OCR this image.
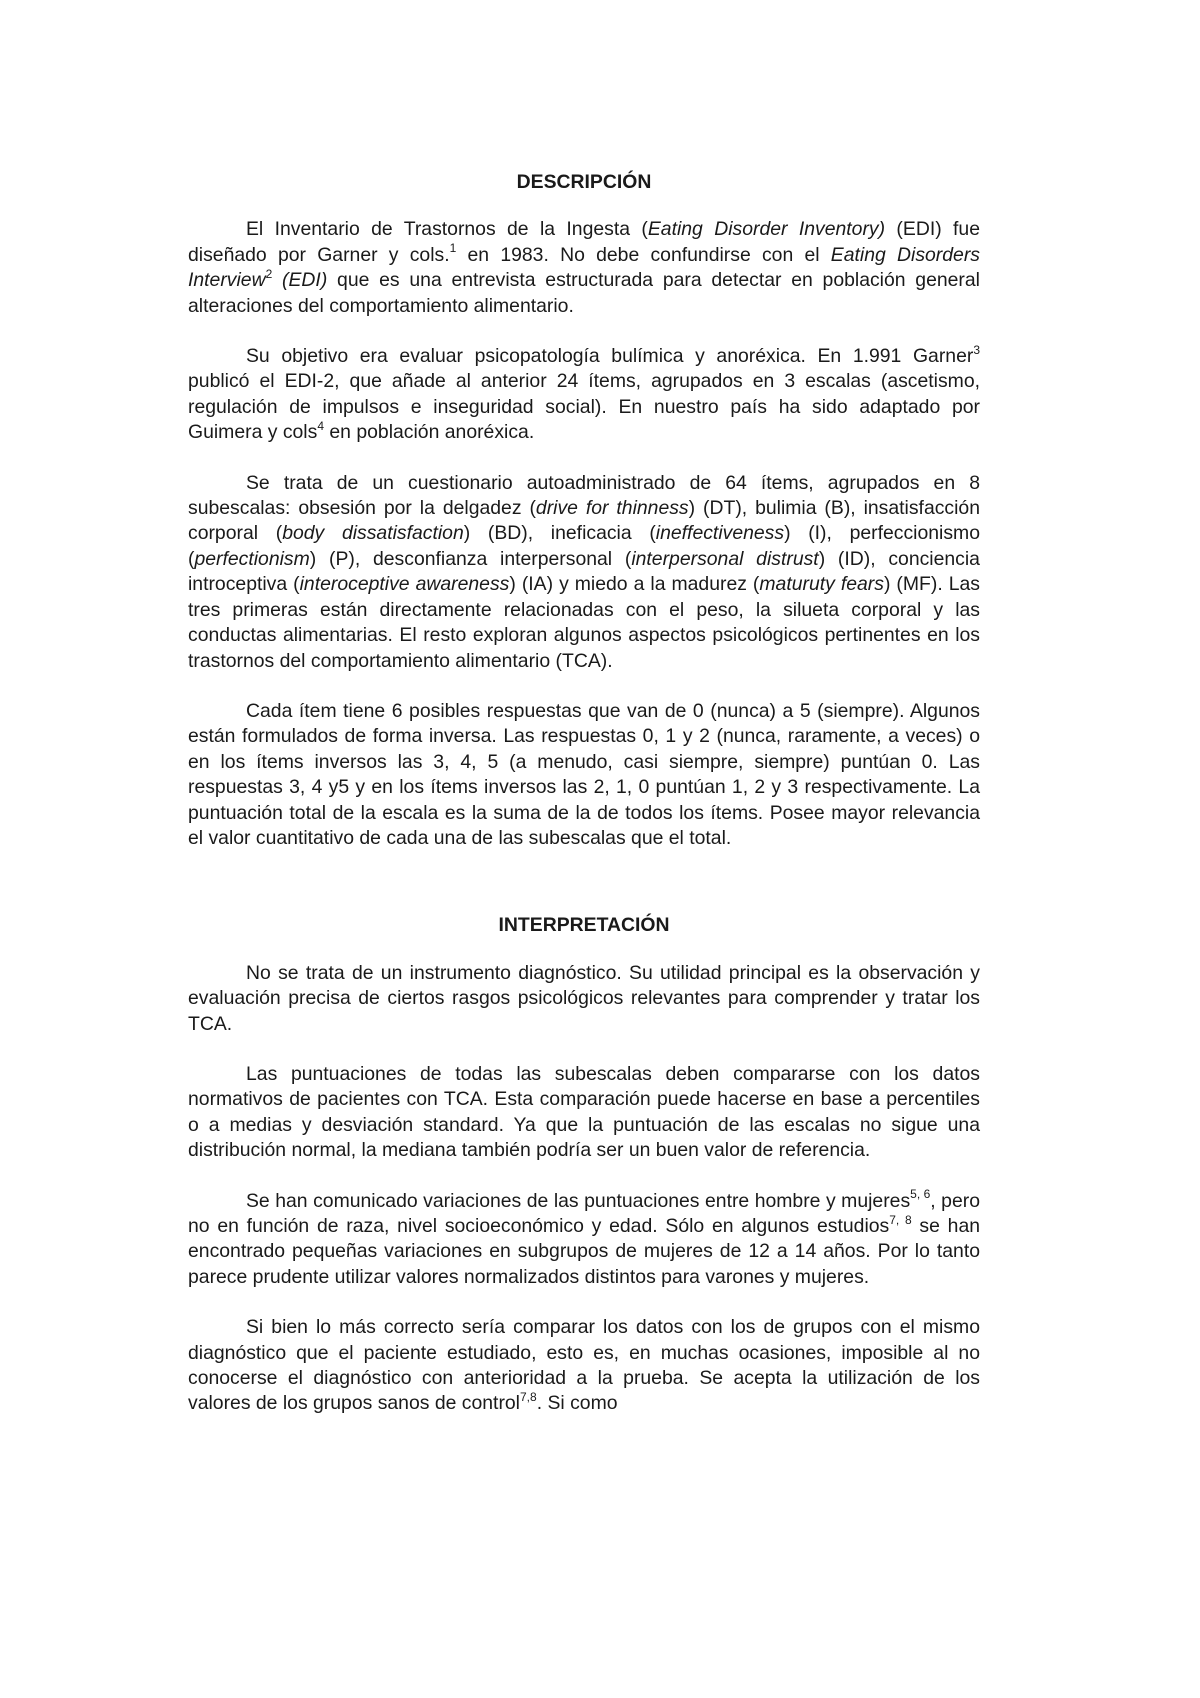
DESCRIPCIÓN

El Inventario de Trastornos de la Ingesta (Eating Disorder Inventory) (EDI) fue diseñado por Garner y cols.$^1$ en 1983. No debe confundirse con el Eating Disorders Interview$^2$ (EDI) que es una entrevista estructurada para detectar en población general alteraciones del comportamiento alimentario.

Su objetivo era evaluar psicopatología bulímica y anoréxica. En 1.991 Garner$^3$ publicó el EDI-2, que añade al anterior 24 ítems, agrupados en 3 escalas (ascetismo, regulación de impulsos e inseguridad social). En nuestro país ha sido adaptado por Guimera y cols$^4$ en población anoréxica.

Se trata de un cuestionario autoadministrado de 64 ítems, agrupados en 8 subescalas: obsesión por la delgadez (drive for thinness) (DT), bulimia (B), insatisfacción corporal (body dissatisfaction) (BD), ineficacia (ineffectiveness) (I), perfeccionismo (perfectionism) (P), desconfianza interpersonal (interpersonal distrust) (ID), conciencia introceptiva (interoceptive awareness) (IA) y miedo a la madurez (maturuty fears) (MF). Las tres primeras están directamente relacionadas con el peso, la silueta corporal y las conductas alimentarias. El resto exploran algunos aspectos psicológicos pertinentes en los trastornos del comportamiento alimentario (TCA).

Cada ítem tiene 6 posibles respuestas que van de 0 (nunca) a 5 (siempre). Algunos están formulados de forma inversa. Las respuestas 0, 1 y 2 (nunca, raramente, a veces) o en los ítems inversos las 3, 4, 5 (a menudo, casi siempre, siempre) puntúan 0. Las respuestas 3, 4 y5 y en los ítems inversos las 2, 1, 0 puntúan 1, 2 y 3 respectivamente. La puntuación total de la escala es la suma de la de todos los ítems. Posee mayor relevancia el valor cuantitativo de cada una de las subescalas que el total.

INTERPRETACIÓN

No se trata de un instrumento diagnóstico. Su utilidad principal es la observación y evaluación precisa de ciertos rasgos psicológicos relevantes para comprender y tratar los TCA.

Las puntuaciones de todas las subescalas deben compararse con los datos normativos de pacientes con TCA. Esta comparación puede hacerse en base a percentiles o a medias y desviación standard. Ya que la puntuación de las escalas no sigue una distribución normal, la mediana también podría ser un buen valor de referencia.

Se han comunicado variaciones de las puntuaciones entre hombre y mujeres$^{5, 6}$, pero no en función de raza, nivel socioeconómico y edad. Sólo en algunos estudios$^{7, 8}$ se han encontrado pequeñas variaciones en subgrupos de mujeres de 12 a 14 años. Por lo tanto parece prudente utilizar valores normalizados distintos para varones y mujeres.

Si bien lo más correcto sería comparar los datos con los de grupos con el mismo diagnóstico que el paciente estudiado, esto es, en muchas ocasiones, imposible al no conocerse el diagnóstico con anterioridad a la prueba. Se acepta la utilización de los valores de los grupos sanos de control$^{7,8}$. Si como
